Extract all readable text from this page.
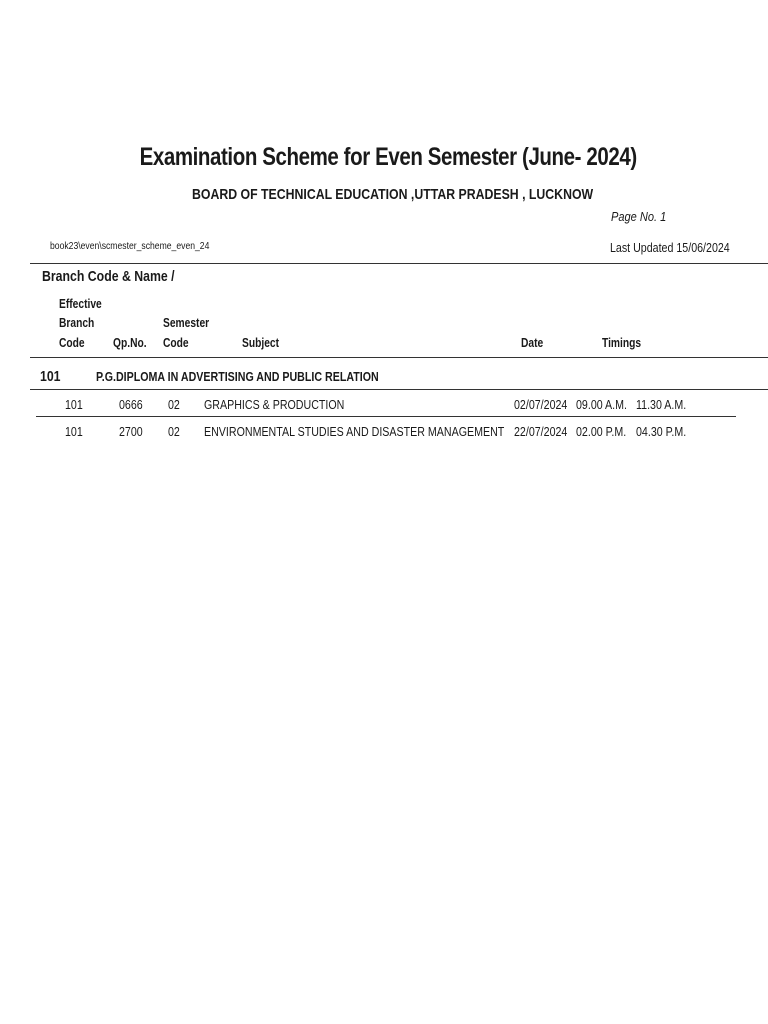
Examination Scheme for Even Semester (June- 2024)
BOARD OF TECHNICAL EDUCATION ,UTTAR PRADESH , LUCKNOW
Page No. 1
book23\even\scmester_scheme_even_24	Last Updated 15/06/2024
Branch Code & Name /
Effective
Branch
Code	Qp.No.
Semester
Code	Subject	Date	Timings
101	P.G.DIPLOMA IN ADVERTISING AND PUBLIC RELATION
101	0666	02 GRAPHICS & PRODUCTION	02/07/2024 09.00 A.M. 11.30 A.M.
101	2700	02 ENVIRONMENTAL STUDIES AND DISASTER MANAGEMENT 22/07/2024 02.00 P.M. 04.30 P.M.
